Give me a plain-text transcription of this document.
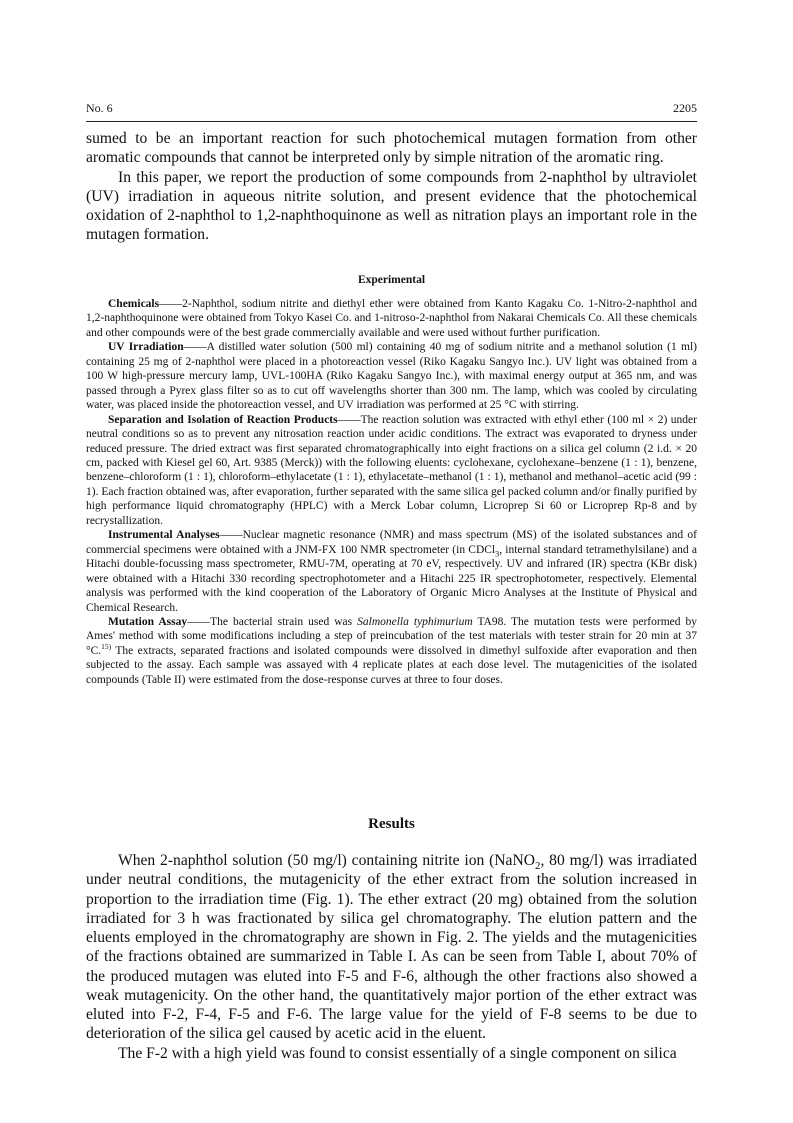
No. 6	2205

sumed to be an important reaction for such photochemical mutagen formation from other aromatic compounds that cannot be interpreted only by simple nitration of the aromatic ring.

In this paper, we report the production of some compounds from 2-naphthol by ultraviolet (UV) irradiation in aqueous nitrite solution, and present evidence that the photochemical oxidation of 2-naphthol to 1,2-naphthoquinone as well as nitration plays an important role in the mutagen formation.

Experimental

Chemicals——2-Naphthol, sodium nitrite and diethyl ether were obtained from Kanto Kagaku Co. 1-Nitro-2-naphthol and 1,2-naphthoquinone were obtained from Tokyo Kasei Co. and 1-nitroso-2-naphthol from Nakarai Chemicals Co. All these chemicals and other compounds were of the best grade commercially available and were used without further purification.

UV Irradiation——A distilled water solution (500 ml) containing 40 mg of sodium nitrite and a methanol solution (1 ml) containing 25 mg of 2-naphthol were placed in a photoreaction vessel (Riko Kagaku Sangyo Inc.). UV light was obtained from a 100 W high-pressure mercury lamp, UVL-100HA (Riko Kagaku Sangyo Inc.), with maximal energy output at 365 nm, and was passed through a Pyrex glass filter so as to cut off wavelengths shorter than 300 nm. The lamp, which was cooled by circulating water, was placed inside the photoreaction vessel, and UV irradiation was performed at 25 °C with stirring.

Separation and Isolation of Reaction Products——The reaction solution was extracted with ethyl ether (100 ml × 2) under neutral conditions so as to prevent any nitrosation reaction under acidic conditions. The extract was evaporated to dryness under reduced pressure. The dried extract was first separated chromatographically into eight fractions on a silica gel column (2 i.d. × 20 cm, packed with Kiesel gel 60, Art. 9385 (Merck)) with the following eluents: cyclohexane, cyclohexane–benzene (1 : 1), benzene, benzene–chloroform (1 : 1), chloroform–ethylacetate (1 : 1), ethylacetate–methanol (1 : 1), methanol and methanol–acetic acid (99 : 1). Each fraction obtained was, after evaporation, further separated with the same silica gel packed column and/or finally purified by high performance liquid chromatography (HPLC) with a Merck Lobar column, Licroprep Si 60 or Licroprep Rp-8 and by recrystallization.

Instrumental Analyses——Nuclear magnetic resonance (NMR) and mass spectrum (MS) of the isolated substances and of commercial specimens were obtained with a JNM-FX 100 NMR spectrometer (in CDCl$_3$, internal standard tetramethylsilane) and a Hitachi double-focussing mass spectrometer, RMU-7M, operating at 70 eV, respectively. UV and infrared (IR) spectra (KBr disk) were obtained with a Hitachi 330 recording spectrophotometer and a Hitachi 225 IR spectrophotometer, respectively. Elemental analysis was performed with the kind cooperation of the Laboratory of Organic Micro Analyses at the Institute of Physical and Chemical Research.

Mutation Assay——The bacterial strain used was Salmonella typhimurium TA98. The mutation tests were performed by Ames' method with some modifications including a step of preincubation of the test materials with tester strain for 20 min at 37 °C.$^{15)}$ The extracts, separated fractions and isolated compounds were dissolved in dimethyl sulfoxide after evaporation and then subjected to the assay. Each sample was assayed with 4 replicate plates at each dose level. The mutagenicities of the isolated compounds (Table II) were estimated from the dose-response curves at three to four doses.

Results

When 2-naphthol solution (50 mg/l) containing nitrite ion (NaNO$_2$, 80 mg/l) was irradiated under neutral conditions, the mutagenicity of the ether extract from the solution increased in proportion to the irradiation time (Fig. 1). The ether extract (20 mg) obtained from the solution irradiated for 3 h was fractionated by silica gel chromatography. The elution pattern and the eluents employed in the chromatography are shown in Fig. 2. The yields and the mutagenicities of the fractions obtained are summarized in Table I. As can be seen from Table I, about 70% of the produced mutagen was eluted into F-5 and F-6, although the other fractions also showed a weak mutagenicity. On the other hand, the quantitatively major portion of the ether extract was eluted into F-2, F-4, F-5 and F-6. The large value for the yield of F-8 seems to be due to deterioration of the silica gel caused by acetic acid in the eluent.

The F-2 with a high yield was found to consist essentially of a single component on silica
